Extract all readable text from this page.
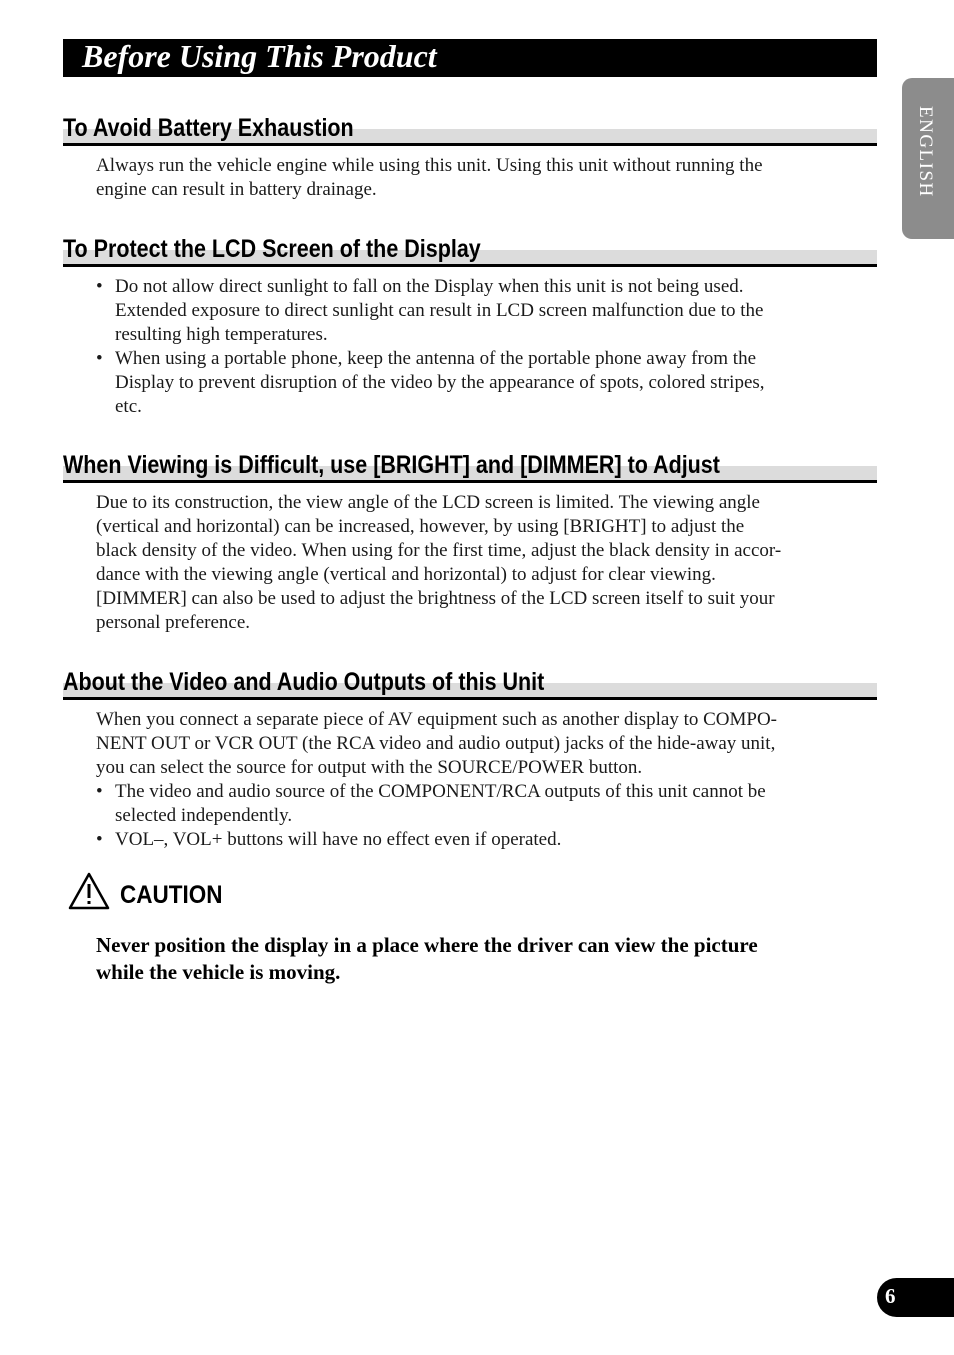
Before Using This Product
ENGLISH
To Avoid Battery Exhaustion

Always run the vehicle engine while using this unit. Using this unit without running the
engine can result in battery drainage.

To Protect the LCD Screen of the Display
• Do not allow direct sunlight to fall on the Display when this unit is not being used.
Extended exposure to direct sunlight can result in LCD screen malfunction due to the
resulting high temperatures.
• When using a portable phone, keep the antenna of the portable phone away from the
Display to prevent disruption of the video by the appearance of spots, colored stripes,
etc.
When Viewing is Difficult, use [BRIGHT] and [DIMMER] to Adjust

Due to its construction, the view angle of the LCD screen is limited. The viewing angle
(vertical and horizontal) can be increased, however, by using [BRIGHT] to adjust the
black density of the video. When using for the first time, adjust the black density in accor-
dance with the viewing angle (vertical and horizontal) to adjust for clear viewing.
[DIMMER] can also be used to adjust the brightness of the LCD screen itself to suit your
personal preference.

About the Video and Audio Outputs of this Unit

When you connect a separate piece of AV equipment such as another display to COMPO-
NENT OUT or VCR OUT (the RCA video and audio output) jacks of the hide-away unit,
you can select the source for output with the SOURCE/POWER button.

• The video and audio source of the COMPONENT/RCA outputs of this unit cannot be
selected independently.
• VOL–, VOL+ buttons will have no effect even if operated.
CAUTION
Never position the display in a place where the driver can view the picture
while the vehicle is moving.
6
